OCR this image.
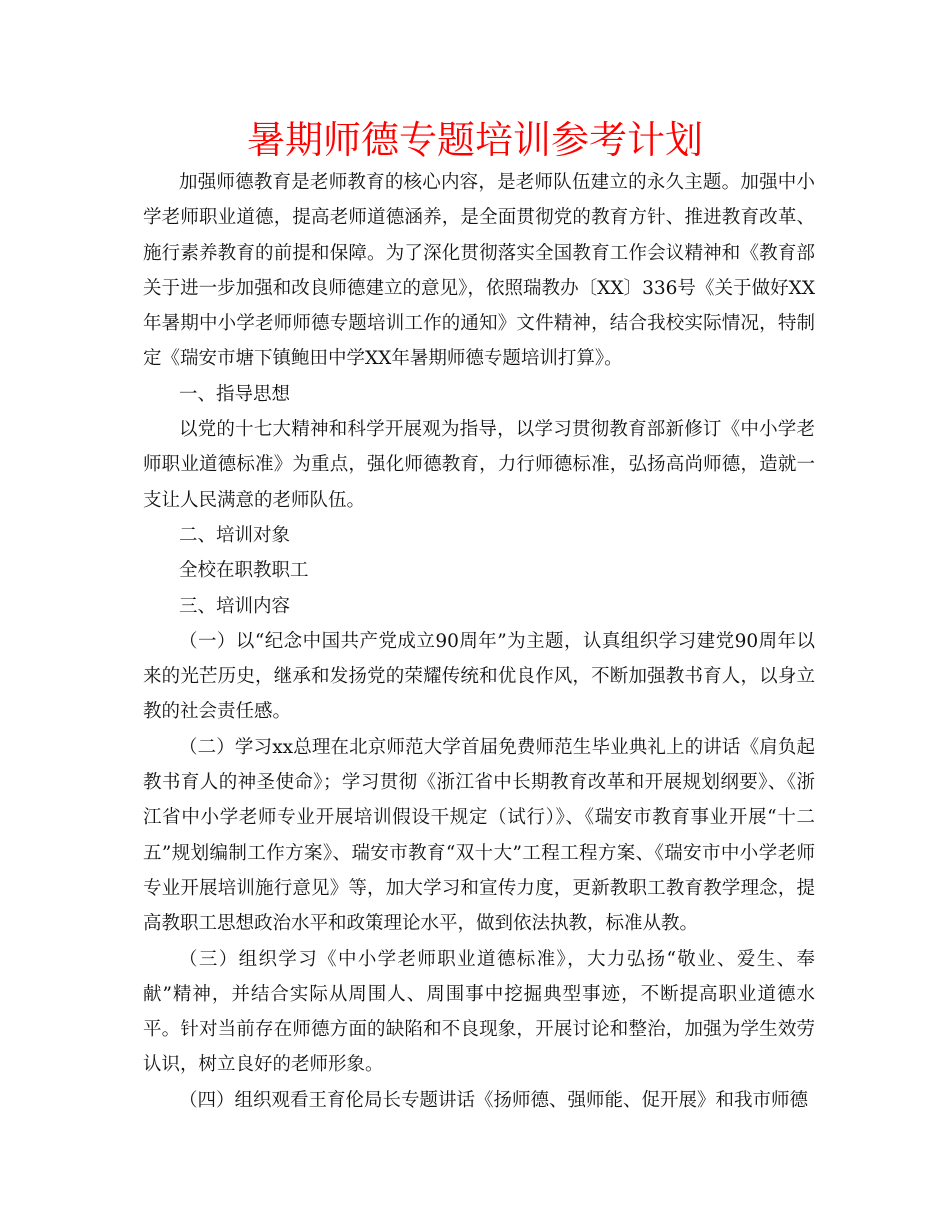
暑期师德专题培训参考计划

加强师德教育是老师教育的核心内容，是老师队伍建立的永久主题。加强中小学老师职业道德，提高老师道德涵养，是全面贯彻党的教育方针、推进教育改革、施行素养教育的前提和保障。为了深化贯彻落实全国教育工作会议精神和《教育部关于进一步加强和改良师德建立的意见》，依照瑞教办〔XX〕336号《关于做好XX年暑期中小学老师师德专题培训工作的通知》文件精神，结合我校实际情况，特制定《瑞安市塘下镇鲍田中学XX年暑期师德专题培训打算》。

一、指导思想

以党的十七大精神和科学开展观为指导，以学习贯彻教育部新修订《中小学老师职业道德标准》为重点，强化师德教育，力行师德标准，弘扬高尚师德，造就一支让人民满意的老师队伍。

二、培训对象

全校在职教职工

三、培训内容

（一）以“纪念中国共产党成立90周年”为主题，认真组织学习建党90周年以来的光芒历史，继承和发扬党的荣耀传统和优良作风，不断加强教书育人，以身立教的社会责任感。

（二）学习xx总理在北京师范大学首届免费师范生毕业典礼上的讲话《肩负起教书育人的神圣使命》；学习贯彻《浙江省中长期教育改革和开展规划纲要》、《浙江省中小学老师专业开展培训假设干规定（试行）》、《瑞安市教育事业开展“十二五”规划编制工作方案》、瑞安市教育“双十大”工程工程方案、《瑞安市中小学老师专业开展培训施行意见》等，加大学习和宣传力度，更新教职工教育教学理念，提高教职工思想政治水平和政策理论水平，做到依法执教，标准从教。

（三）组织学习《中小学老师职业道德标准》，大力弘扬“敬业、爱生、奉献”精神，并结合实际从周围人、周围事中挖掘典型事迹，不断提高职业道德水平。针对当前存在师德方面的缺陷和不良现象，开展讨论和整治，加强为学生效劳认识，树立良好的老师形象。

（四）组织观看王育伦局长专题讲话《扬师德、强师能、促开展》和我市师德
